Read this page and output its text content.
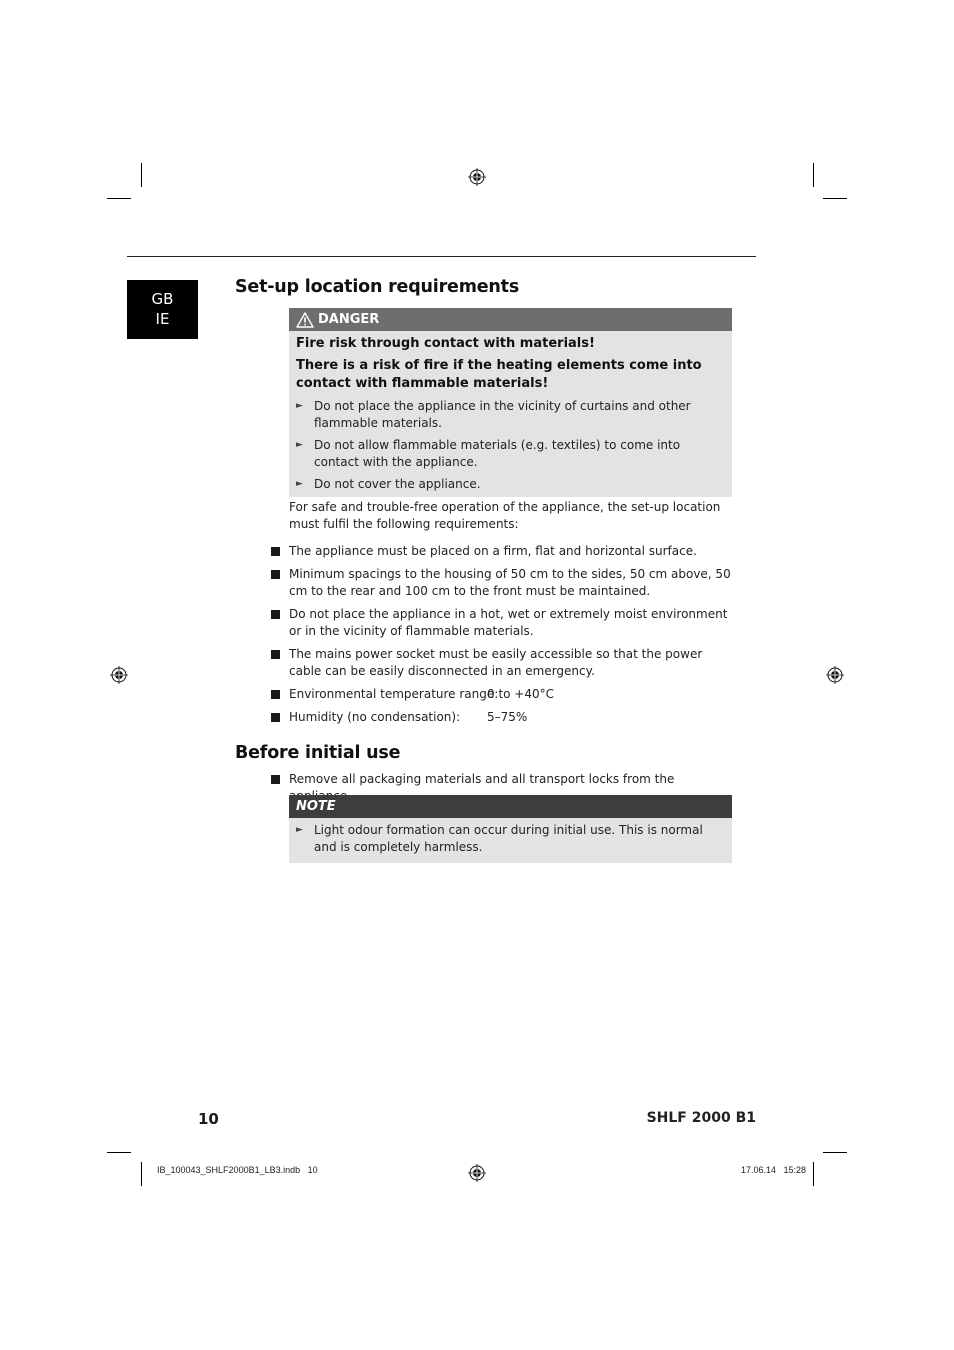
GB
IE
Set-up location requirements
DANGER

Fire risk through contact with materials!

There is a risk of fire if the heating elements come into contact with flammable materials!

► Do not place the appliance in the vicinity of curtains and other flammable materials.
► Do not allow flammable materials (e.g. textiles) to come into contact with the appliance.
► Do not cover the appliance.
For safe and trouble-free operation of the appliance, the set-up location must fulfil the following requirements:
The appliance must be placed on a firm, flat and horizontal surface.
Minimum spacings to the housing of 50 cm to the sides, 50 cm above, 50 cm to the rear and 100 cm to the front must be maintained.
Do not place the appliance in a hot, wet or extremely moist environment or in the vicinity of flammable materials.
The mains power socket must be easily accessible so that the power cable can be easily disconnected in an emergency.
Environmental temperature range:
0 to +40°C
Humidity (no condensation): 5–75%
Before initial use
Remove all packaging materials and all transport locks from the
NOTE
► Light odour formation can occur during initial use. This is normal and is completely harmless.
10	SHLF 2000 B1
IB_100043_SHLF2000B1_LB3.indb   10	17.06.14   15:28
